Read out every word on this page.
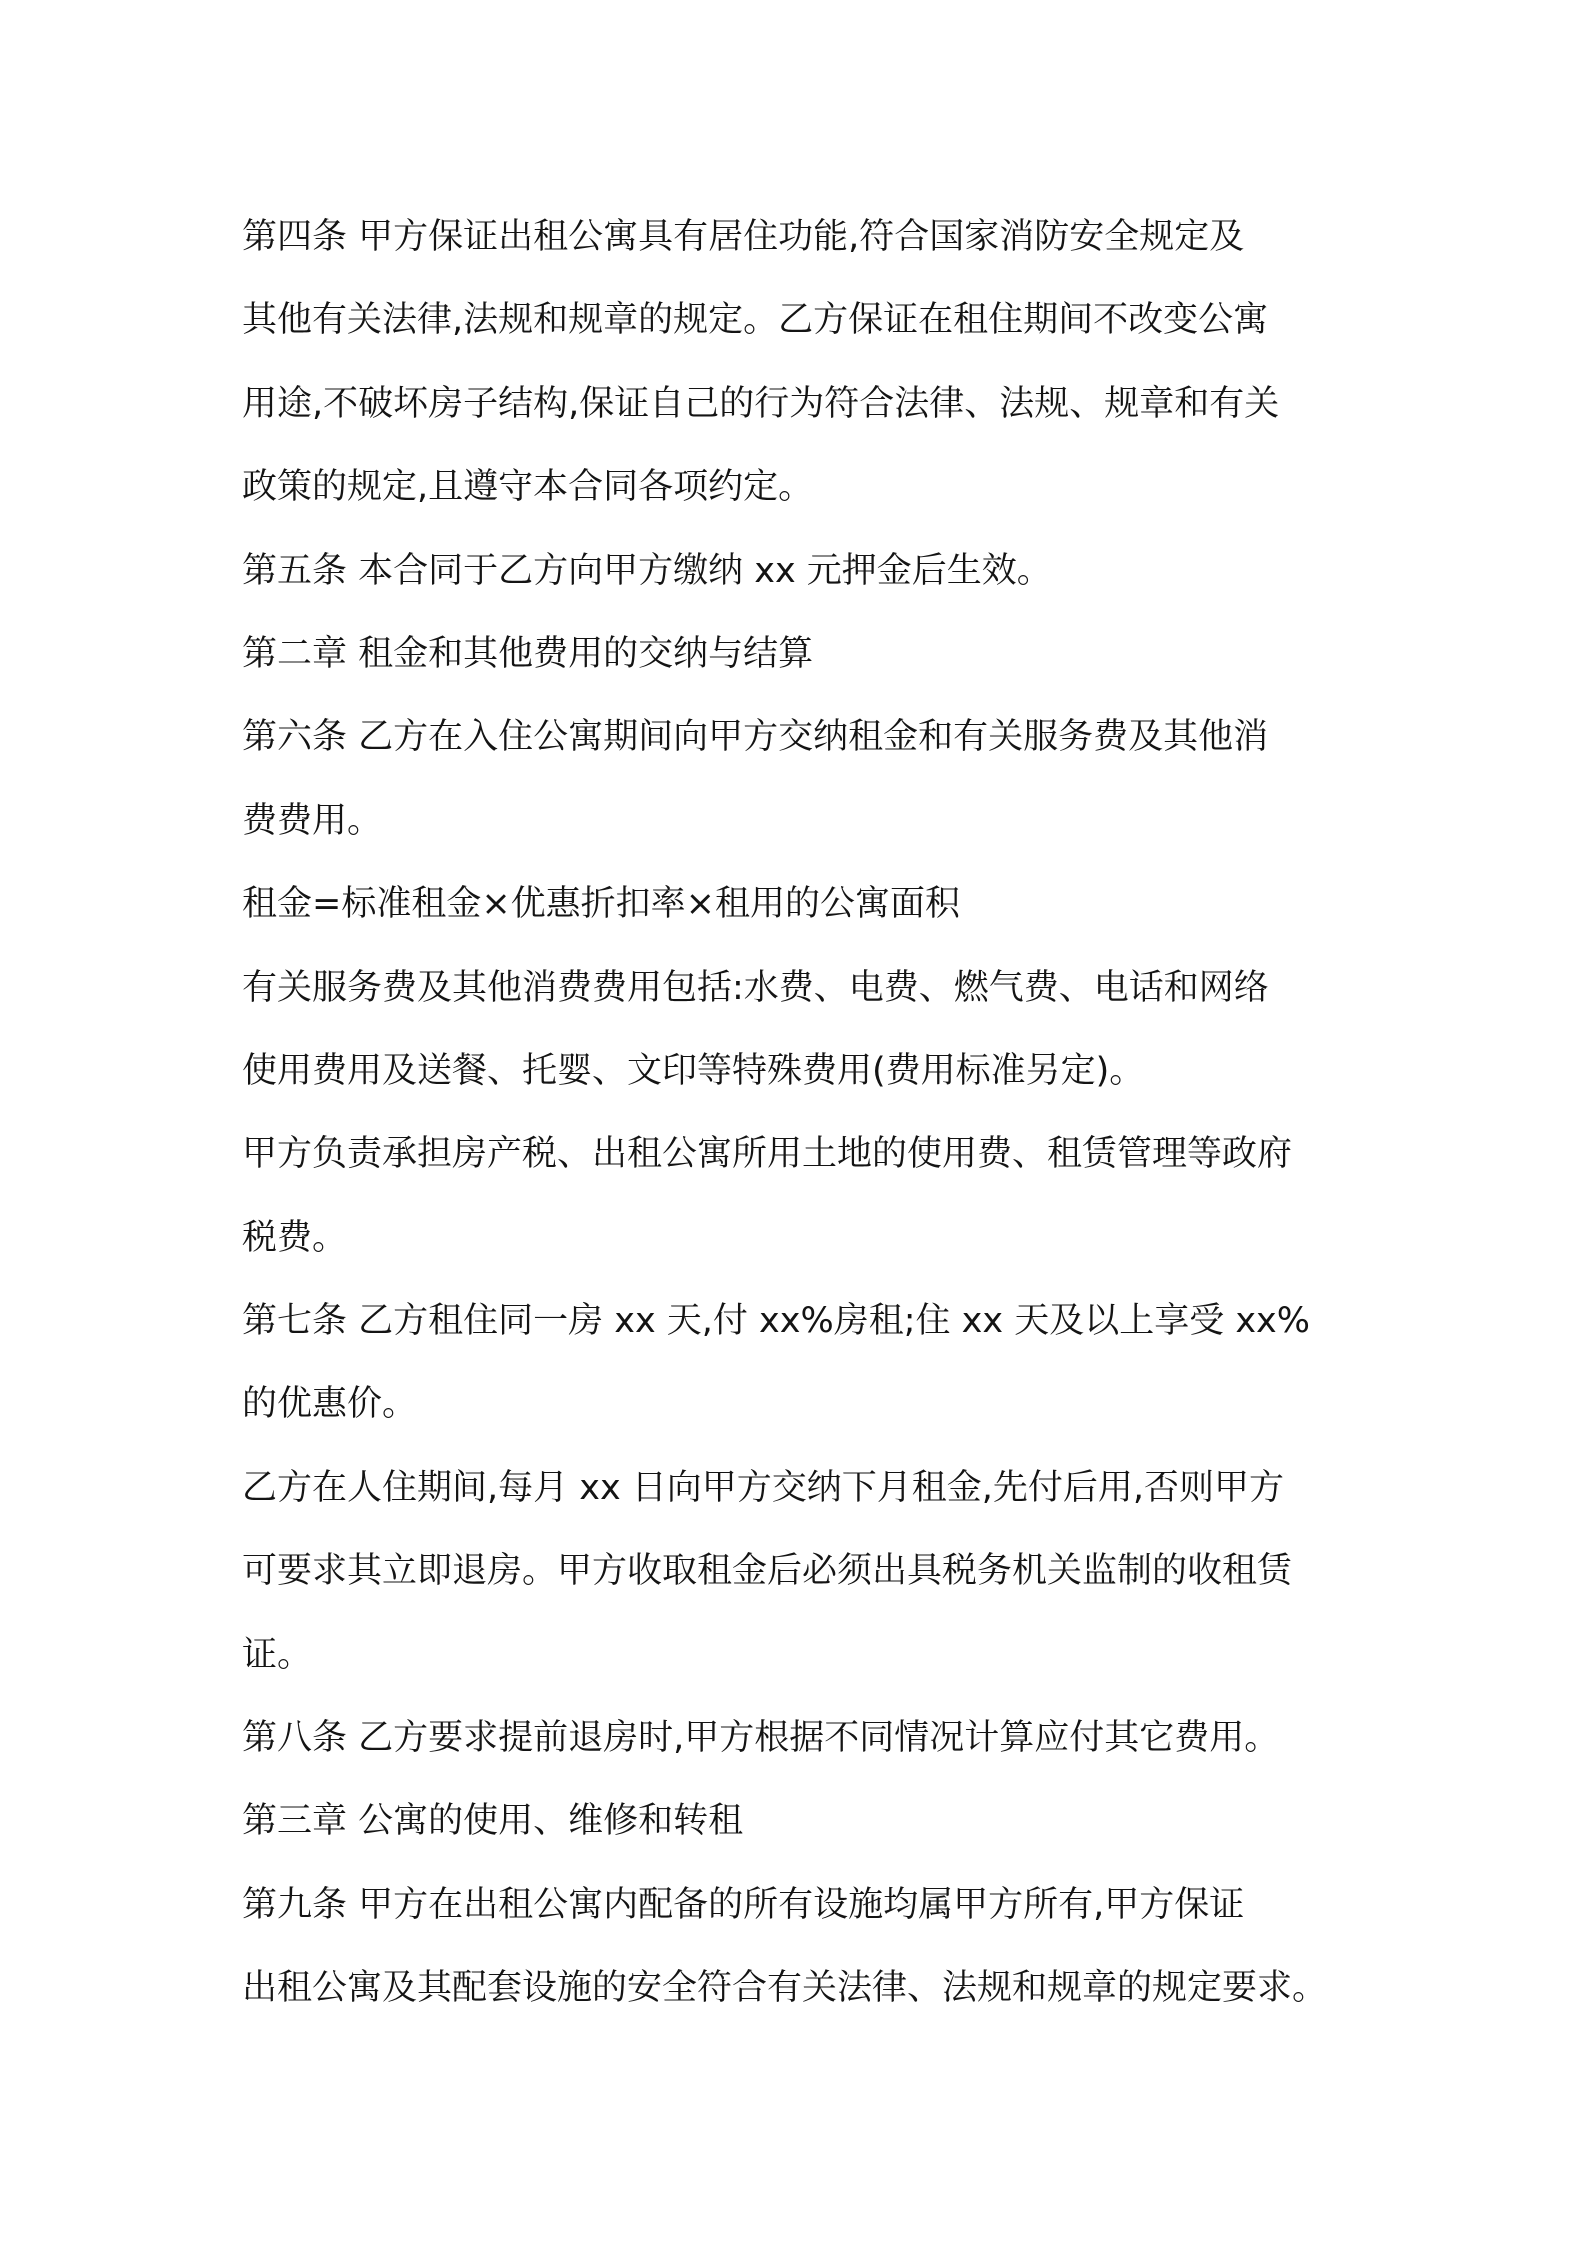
第四条 甲方保证出租公寓具有居住功能,符合国家消防安全规定及
其他有关法律,法规和规章的规定。乙方保证在租住期间不改变公寓
用途,不破坏房子结构,保证自己的行为符合法律、法规、规章和有关
政策的规定,且遵守本合同各项约定。
第五条 本合同于乙方向甲方缴纳 xx 元押金后生效。
第二章 租金和其他费用的交纳与结算
第六条 乙方在入住公寓期间向甲方交纳租金和有关服务费及其他消
费费用。
租金=标准租金×优惠折扣率×租用的公寓面积
有关服务费及其他消费费用包括:水费、电费、燃气费、电话和网络
使用费用及送餐、托婴、文印等特殊费用(费用标准另定)。
甲方负责承担房产税、出租公寓所用土地的使用费、租赁管理等政府
税费。
第七条 乙方租住同一房 xx 天,付 xx%房租;住 xx 天及以上享受 xx%
的优惠价。
乙方在人住期间,每月 xx 日向甲方交纳下月租金,先付后用,否则甲方
可要求其立即退房。甲方收取租金后必须出具税务机关监制的收租赁
证。
第八条 乙方要求提前退房时,甲方根据不同情况计算应付其它费用。
第三章 公寓的使用、维修和转租
第九条 甲方在出租公寓内配备的所有设施均属甲方所有,甲方保证
出租公寓及其配套设施的安全符合有关法律、法规和规章的规定要求。
